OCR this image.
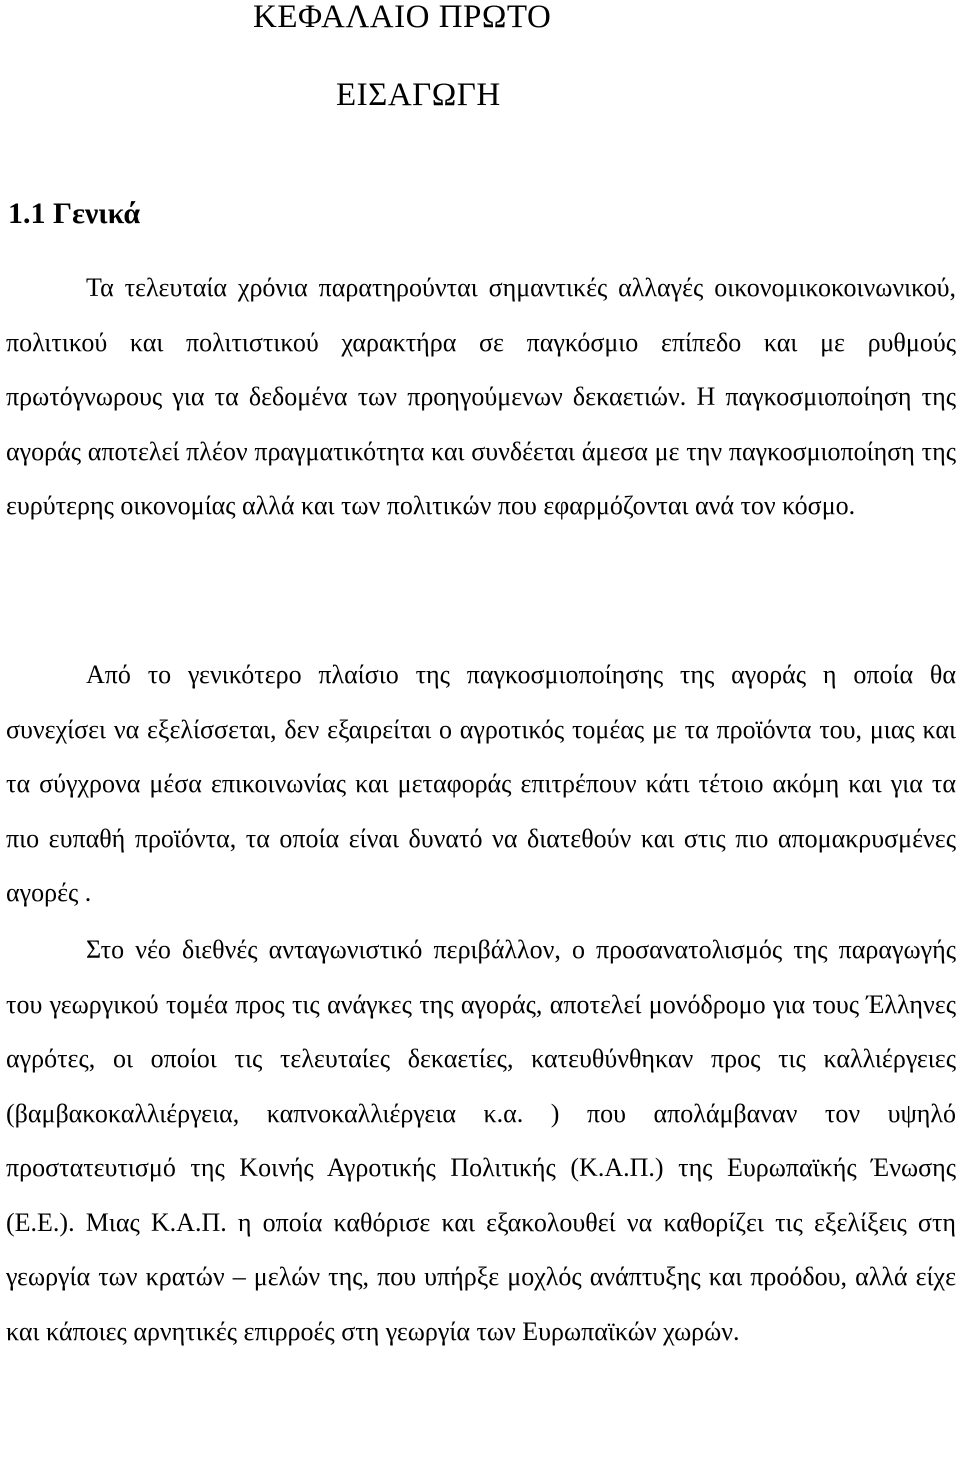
ΚΕΦΑΛΑΙΟ ΠΡΩΤΟ
ΕΙΣΑΓΩΓΗ
1.1 Γενικά

Τα τελευταία χρόνια παρατηρούνται σημαντικές αλλαγές οικονομικοκοινωνικού, πολιτικού και πολιτιστικού χαρακτήρα σε παγκόσμιο επίπεδο και με ρυθμούς πρωτόγνωρους για τα δεδομένα των προηγούμενων δεκαετιών. Η παγκοσμιοποίηση της αγοράς αποτελεί πλέον πραγματικότητα και συνδέεται άμεσα με την παγκοσμιοποίηση της ευρύτερης οικονομίας αλλά και των πολιτικών που εφαρμόζονται ανά τον κόσμο.

Από το γενικότερο πλαίσιο της παγκοσμιοποίησης της αγοράς η οποία θα συνεχίσει να εξελίσσεται, δεν εξαιρείται ο αγροτικός τομέας με τα προϊόντα του, μιας και τα σύγχρονα μέσα επικοινωνίας και μεταφοράς επιτρέπουν κάτι τέτοιο ακόμη και για τα πιο ευπαθή προϊόντα, τα οποία είναι δυνατό να διατεθούν και στις πιο απομακρυσμένες αγορές .

Στο νέο διεθνές ανταγωνιστικό περιβάλλον, ο προσανατολισμός της παραγωγής του γεωργικού τομέα προς τις ανάγκες της αγοράς, αποτελεί μονόδρομο για τους Έλληνες αγρότες, οι οποίοι τις τελευταίες δεκαετίες, κατευθύνθηκαν προς τις καλλιέργειες (βαμβακοκαλλιέργεια, καπνοκαλλιέργεια κ.α. ) που απολάμβαναν τον υψηλό προστατευτισμό της Κοινής Αγροτικής Πολιτικής (Κ.Α.Π.) της Ευρωπαϊκής Ένωσης (Ε.Ε.). Μιας Κ.Α.Π. η οποία καθόρισε και εξακολουθεί να καθορίζει τις εξελίξεις στη γεωργία των κρατών – μελών της, που υπήρξε μοχλός ανάπτυξης και προόδου, αλλά είχε και κάποιες αρνητικές επιρροές στη γεωργία των Ευρωπαϊκών χωρών.
